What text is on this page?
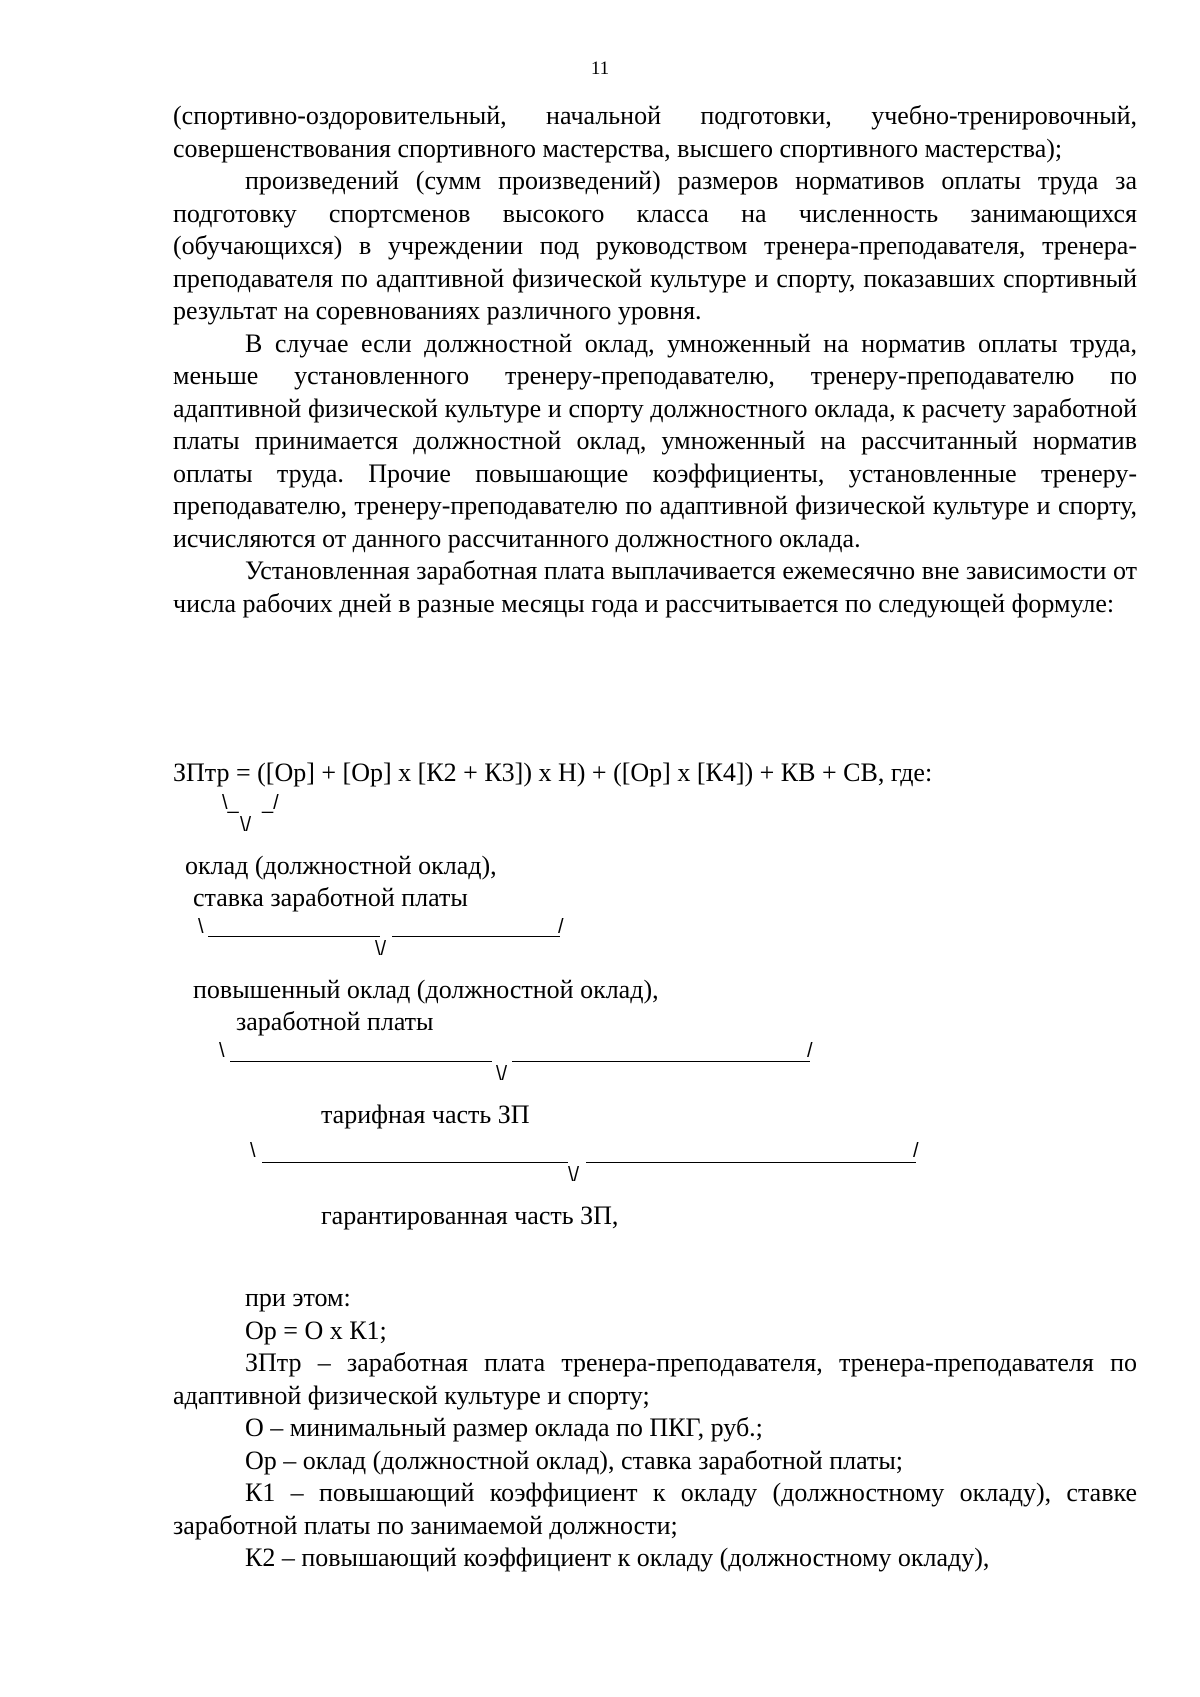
11

(спортивно-оздоровительный, начальной подготовки, учебно-тренировочный, совершенствования спортивного мастерства, высшего спортивного мастерства);

произведений (сумм произведений) размеров нормативов оплаты труда за подготовку спортсменов высокого класса на численность занимающихся (обучающихся) в учреждении под руководством тренера-преподавателя, тренера-преподавателя по адаптивной физической культуре и спорту, показавших спортивный результат на соревнованиях различного уровня.

В случае если должностной оклад, умноженный на норматив оплаты труда, меньше установленного тренеру-преподавателю, тренеру-преподавателю по адаптивной физической культуре и спорту должностного оклада, к расчету заработной платы принимается должностной оклад, умноженный на рассчитанный норматив оплаты труда. Прочие повышающие коэффициенты, установленные тренеру-преподавателю, тренеру-преподавателю по адаптивной физической культуре и спорту, исчисляются от данного рассчитанного должностного оклада.

Установленная заработная плата выплачивается ежемесячно вне зависимости от числа рабочих дней в разные месяцы года и рассчитывается по следующей формуле:

ЗПтр = ([Ор] + [Ор] х [К2 + К3]) х Н) + ([Ор] х [К4]) + КВ + СВ, где:
\_ _/
\/
оклад (должностной оклад),
ставка заработной платы
\	/
\/
повышенный оклад (должностной оклад),
заработной платы
\	/
\/
тарифная часть ЗП
\	/
\/
гарантированная часть ЗП,

при этом:

Ор = О х К1;

ЗПтр – заработная плата тренера-преподавателя, тренера-преподавателя по адаптивной физической культуре и спорту;

О – минимальный размер оклада по ПКГ, руб.;

Ор – оклад (должностной оклад), ставка заработной платы;

К1 – повышающий коэффициент к окладу (должностному окладу), ставке заработной платы по занимаемой должности;

К2 – повышающий коэффициент к окладу (должностному окладу),
